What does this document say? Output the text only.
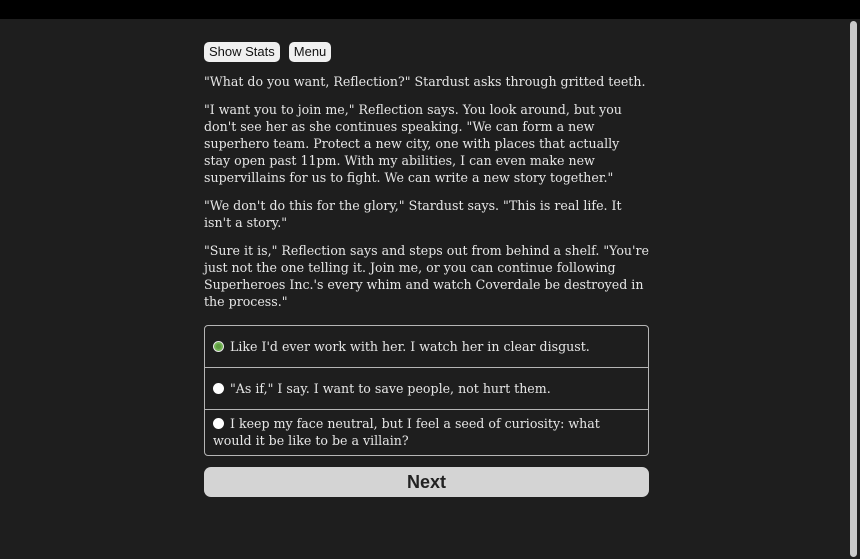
Show Stats	Menu

"What do you want, Reflection?" Stardust asks through gritted teeth.

"I want you to join me," Reflection says. You look around, but you don't see her as she continues speaking. "We can form a new superhero team. Protect a new city, one with places that actually stay open past 11pm. With my abilities, I can even make new supervillains for us to fight. We can write a new story together."

"We don't do this for the glory," Stardust says. "This is real life. It isn't a story."

"Sure it is," Reflection says and steps out from behind a shelf. "You're just not the one telling it. Join me, or you can continue following Superheroes Inc.'s every whim and watch Coverdale be destroyed in the process."

Like I'd ever work with her. I watch her in clear disgust.
"As if," I say. I want to save people, not hurt them.
I keep my face neutral, but I feel a seed of curiosity: what would it be like to be a villain?
Next
